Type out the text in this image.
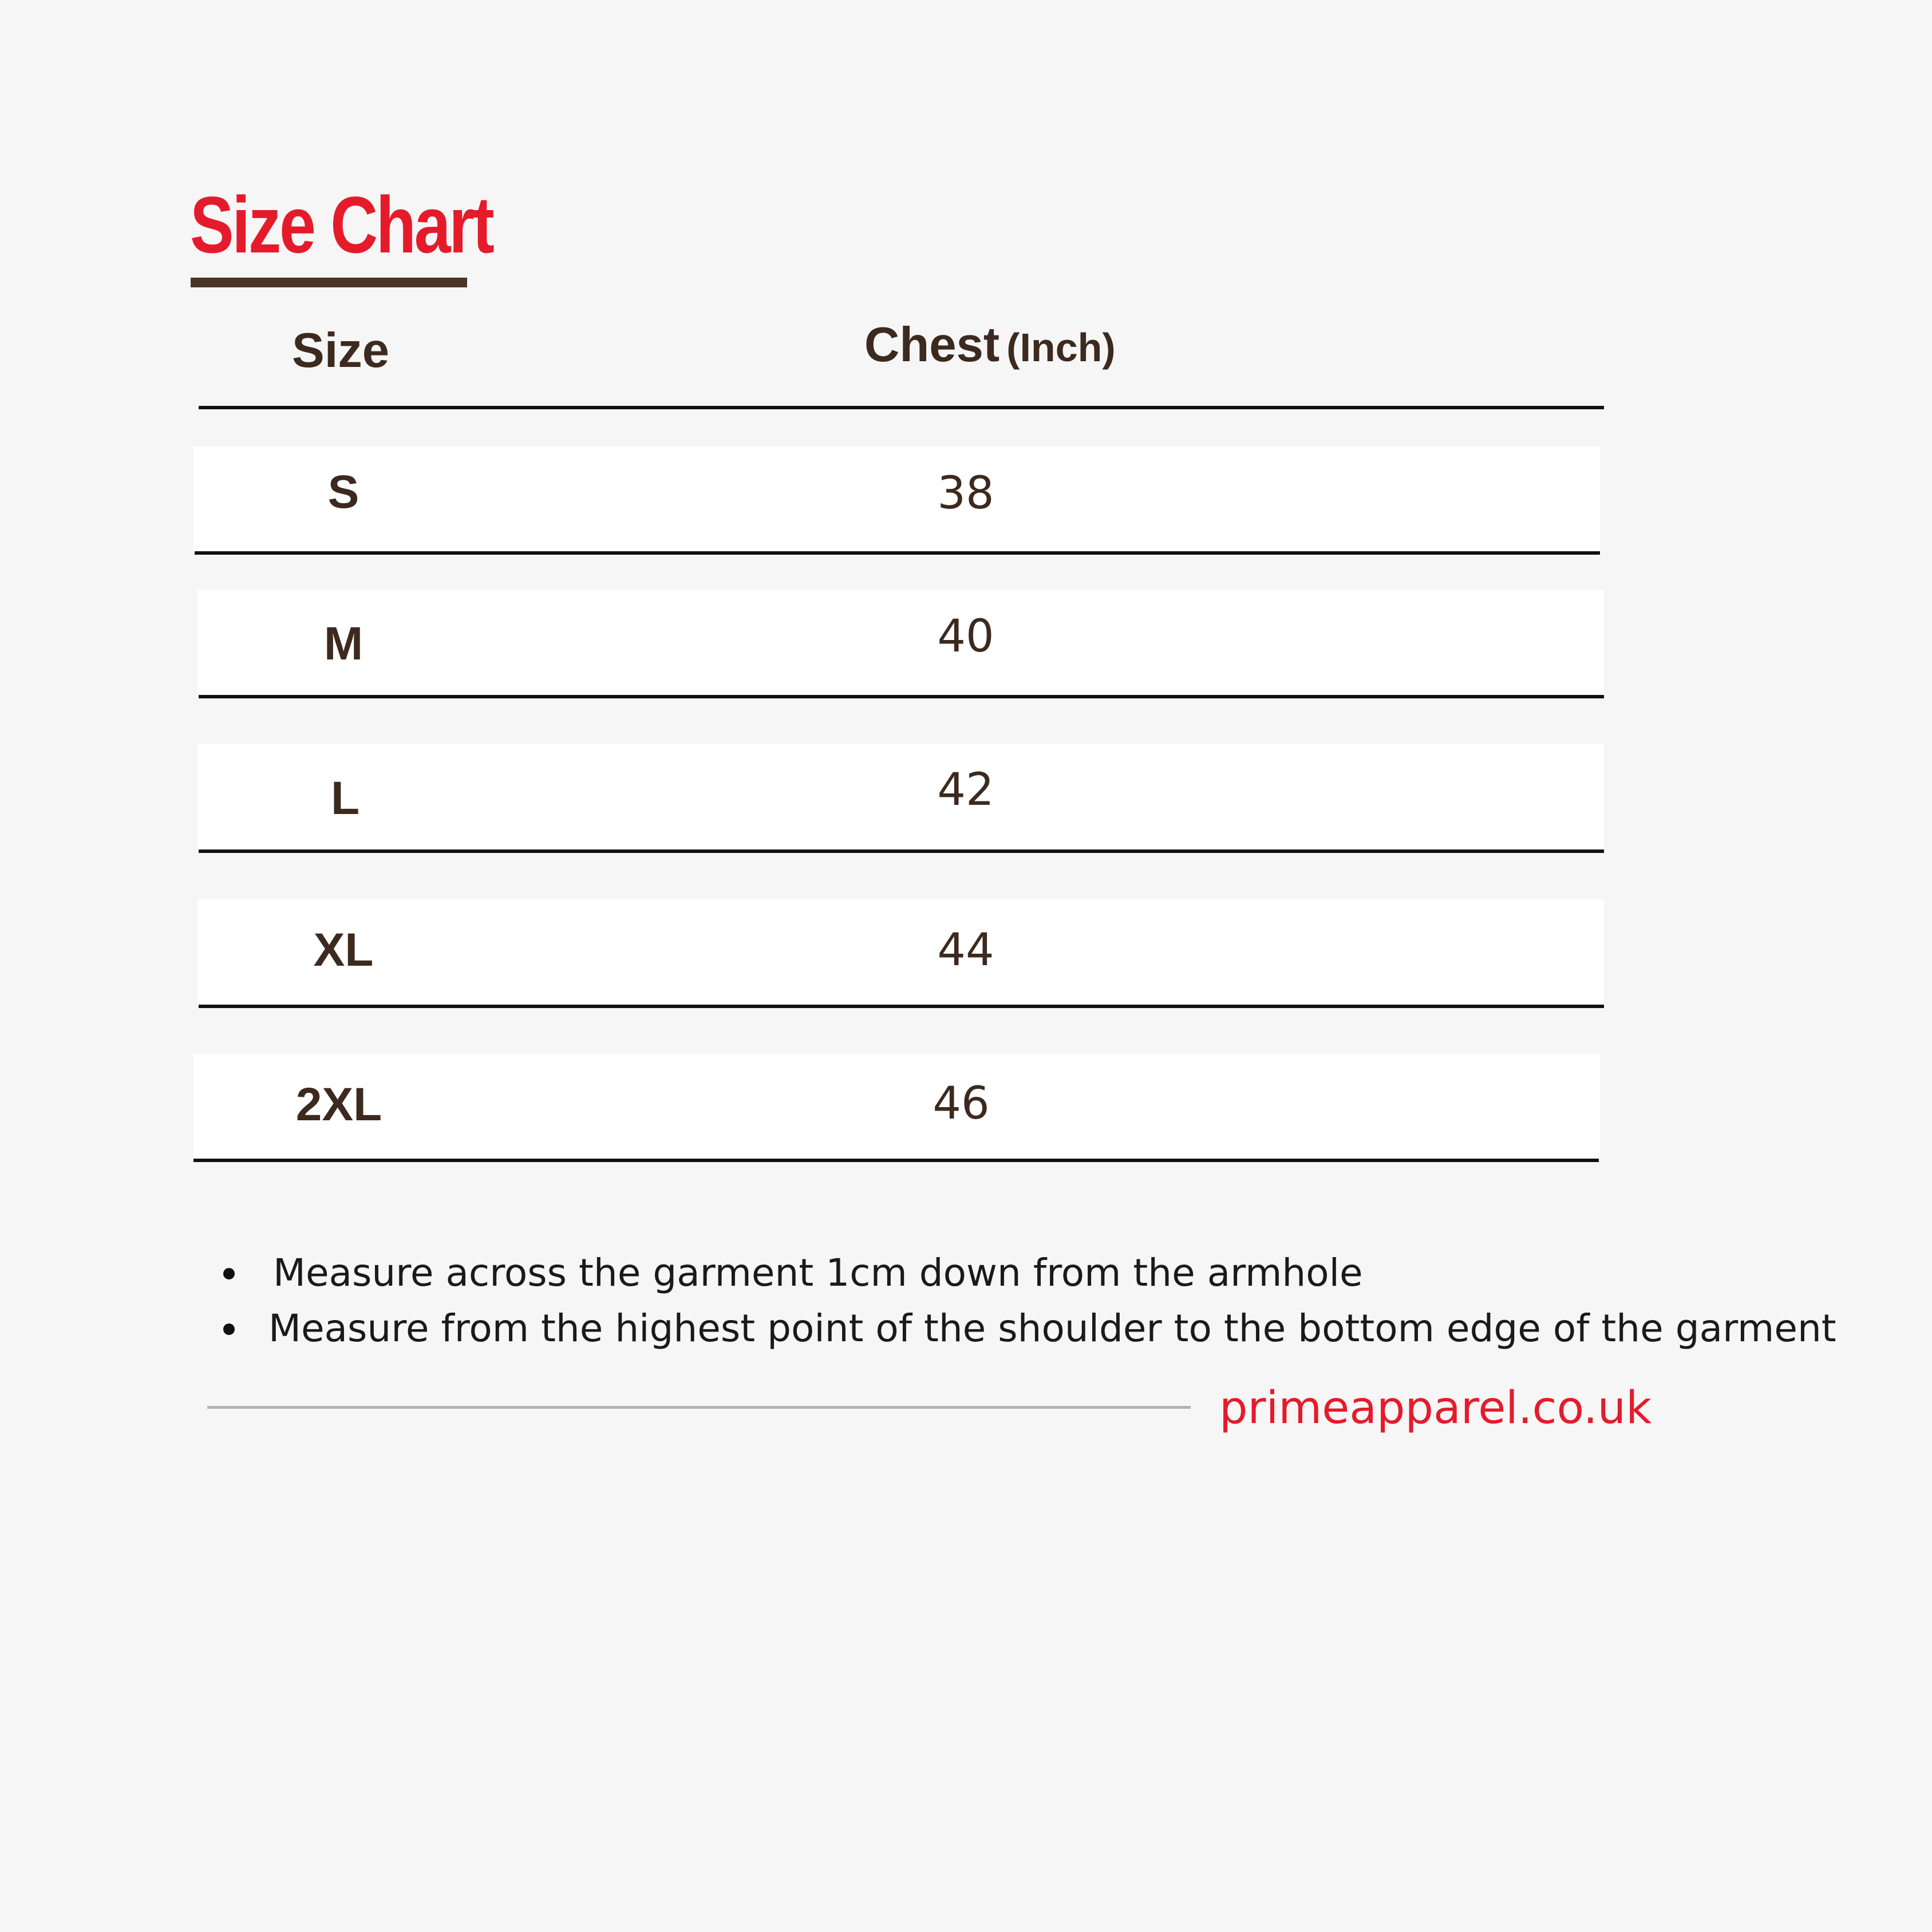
Size Chart
Size	Chest (Inch)
S	38
M	40
L	42
XL	44
2XL	46
Measure across the garment 1cm down from the armhole
Measure from the highest point of the shoulder to the bottom edge of the garment
primeapparel.co.uk
